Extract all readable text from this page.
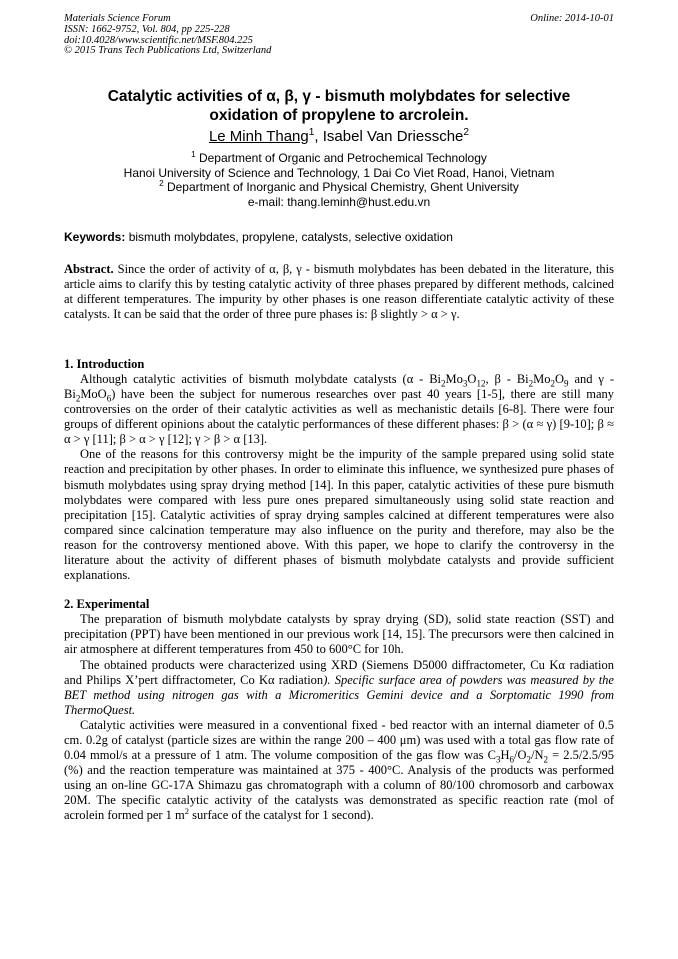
Materials Science Forum	Online: 2014-10-01
ISSN: 1662-9752, Vol. 804, pp 225-228
doi:10.4028/www.scientific.net/MSF.804.225
© 2015 Trans Tech Publications Ltd, Switzerland
Catalytic activities of α, β, γ - bismuth molybdates for selective
oxidation of propylene to arcrolein.
Le Minh Thang$^1$, Isabel Van Driessche$^2$
$^1$ Department of Organic and Petrochemical Technology
Hanoi University of Science and Technology, 1 Dai Co Viet Road, Hanoi, Vietnam
$^2$ Department of Inorganic and Physical Chemistry, Ghent University
e-mail: thang.leminh@hust.edu.vn
Keywords: bismuth molybdates, propylene, catalysts, selective oxidation
Abstract. Since the order of activity of α, β, γ - bismuth molybdates has been debated in the literature, this article aims to clarify this by testing catalytic activity of three phases prepared by different methods, calcined at different temperatures. The impurity by other phases is one reason differentiate catalytic activity of these catalysts. It can be said that the order of three pure phases is: β slightly > α > γ.
1. Introduction

Although catalytic activities of bismuth molybdate catalysts ($\alpha - Bi_2Mo_3O_{12}$, β - $Bi_2Mo_2O_9$ and γ - $Bi_2MoO_6$) have been the subject for numerous researches over past 40 years [1-5], there are still many controversies on the order of their catalytic activities as well as mechanistic details [6-8]. There were four groups of different opinions about the catalytic performances of these different phases: β > (α ≈ γ) [9-10]; β ≈ α > γ [11]; β > α > γ [12]; γ > β > α [13].

One of the reasons for this controversy might be the impurity of the sample prepared using solid state reaction and precipitation by other phases. In order to eliminate this influence, we synthesized pure phases of bismuth molybdates using spray drying method [14]. In this paper, catalytic activities of these pure bismuth molybdates were compared with less pure ones prepared simultaneously using solid state reaction and precipitation [15]. Catalytic activities of spray drying samples calcined at different temperatures were also compared since calcination temperature may also influence on the purity and therefore, may also be the reason for the controversy mentioned above. With this paper, we hope to clarify the controversy in the literature about the activity of different phases of bismuth molybdate catalysts and provide sufficient explanations.

2. Experimental

The preparation of bismuth molybdate catalysts by spray drying (SD), solid state reaction (SST) and precipitation (PPT) have been mentioned in our previous work [14, 15]. The precursors were then calcined in air atmosphere at different temperatures from 450 to 600°C for 10h.

The obtained products were characterized using XRD (Siemens D5000 diffractometer, Cu Kα radiation and Philips X’pert diffractometer, Co Kα radiation). Specific surface area of powders was measured by the BET method using nitrogen gas with a Micromeritics Gemini device and a Sorptomatic 1990 from ThermoQuest.

Catalytic activities were measured in a conventional fixed - bed reactor with an internal diameter of 0.5 cm. 0.2g of catalyst (particle sizes are within the range 200 – 400 μm) was used with a total gas flow rate of 0.04 mmol/s at a pressure of 1 atm. The volume composition of the gas flow was $C_3H_6/O_2/N_2 = 2.5/2.5/95$ (%) and the reaction temperature was maintained at 375 - 400°C. Analysis of the products was performed using an on-line GC-17A Shimazu gas chromatograph with a column of 80/100 chromosorb and carbowax 20M. The specific catalytic activity of the catalysts was demonstrated as specific reaction rate (mol of acrolein formed per 1 $m^2$ surface of the catalyst for 1 second).
